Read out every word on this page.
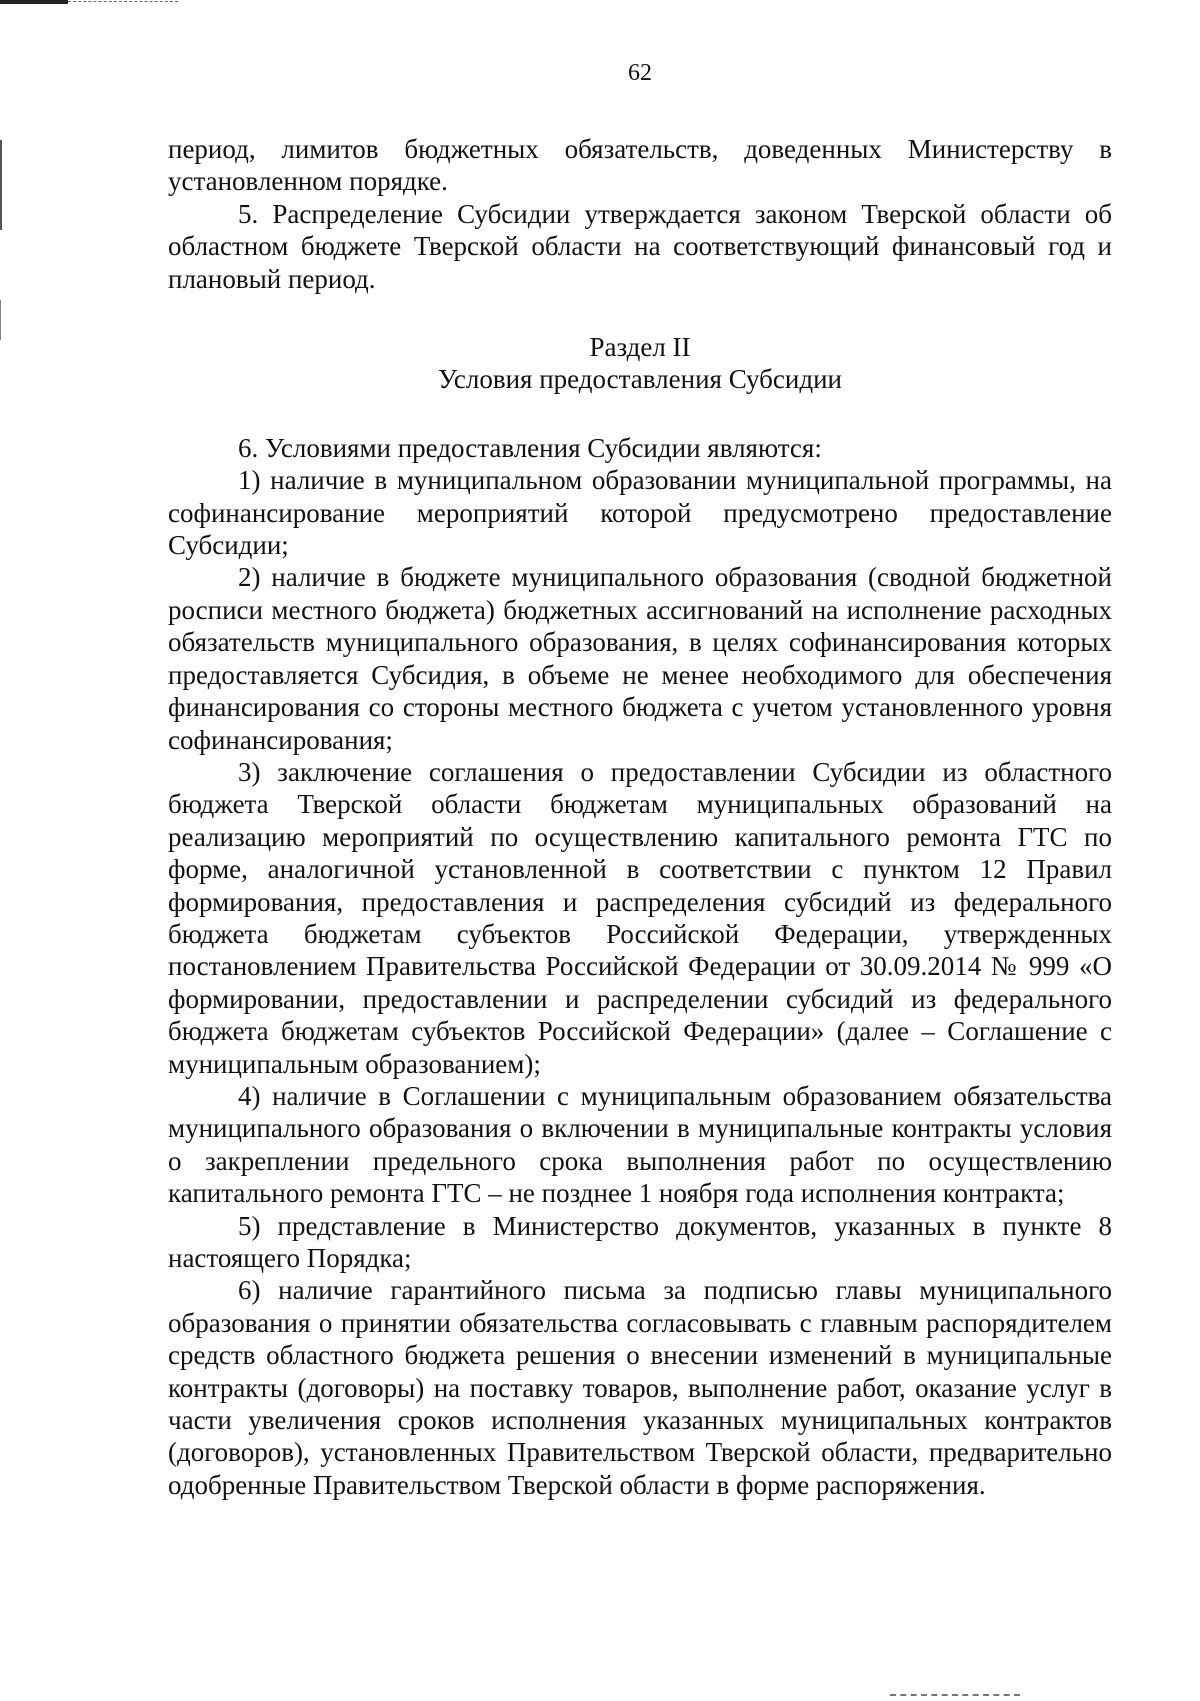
62

период, лимитов бюджетных обязательств, доведенных Министерству в установленном порядке.

5. Распределение Субсидии утверждается законом Тверской области об областном бюджете Тверской области на соответствующий финансовый год и плановый период.

Раздел II

Условия предоставления Субсидии

6. Условиями предоставления Субсидии являются:

1) наличие в муниципальном образовании муниципальной программы, на софинансирование мероприятий которой предусмотрено предоставление Субсидии;

2) наличие в бюджете муниципального образования (сводной бюджетной росписи местного бюджета) бюджетных ассигнований на исполнение расходных обязательств муниципального образования, в целях софинансирования которых предоставляется Субсидия, в объеме не менее необходимого для обеспечения финансирования со стороны местного бюджета с учетом установленного уровня софинансирования;

3) заключение соглашения о предоставлении Субсидии из областного бюджета Тверской области бюджетам муниципальных образований на реализацию мероприятий по осуществлению капитального ремонта ГТС по форме, аналогичной установленной в соответствии с пунктом 12 Правил формирования, предоставления и распределения субсидий из федерального бюджета бюджетам субъектов Российской Федерации, утвержденных постановлением Правительства Российской Федерации от 30.09.2014 № 999 «О формировании, предоставлении и распределении субсидий из федерального бюджета бюджетам субъектов Российской Федерации» (далее – Соглашение с муниципальным образованием);

4) наличие в Соглашении с муниципальным образованием обязательства муниципального образования о включении в муниципальные контракты условия о закреплении предельного срока выполнения работ по осуществлению капитального ремонта ГТС – не позднее 1 ноября года исполнения контракта;

5) представление в Министерство документов, указанных в пункте 8 настоящего Порядка;

6) наличие гарантийного письма за подписью главы муниципального образования о принятии обязательства согласовывать с главным распорядителем средств областного бюджета решения о внесении изменений в муниципальные контракты (договоры) на поставку товаров, выполнение работ, оказание услуг в части увеличения сроков исполнения указанных муниципальных контрактов (договоров), установленных Правительством Тверской области, предварительно одобренные Правительством Тверской области в форме распоряжения.
